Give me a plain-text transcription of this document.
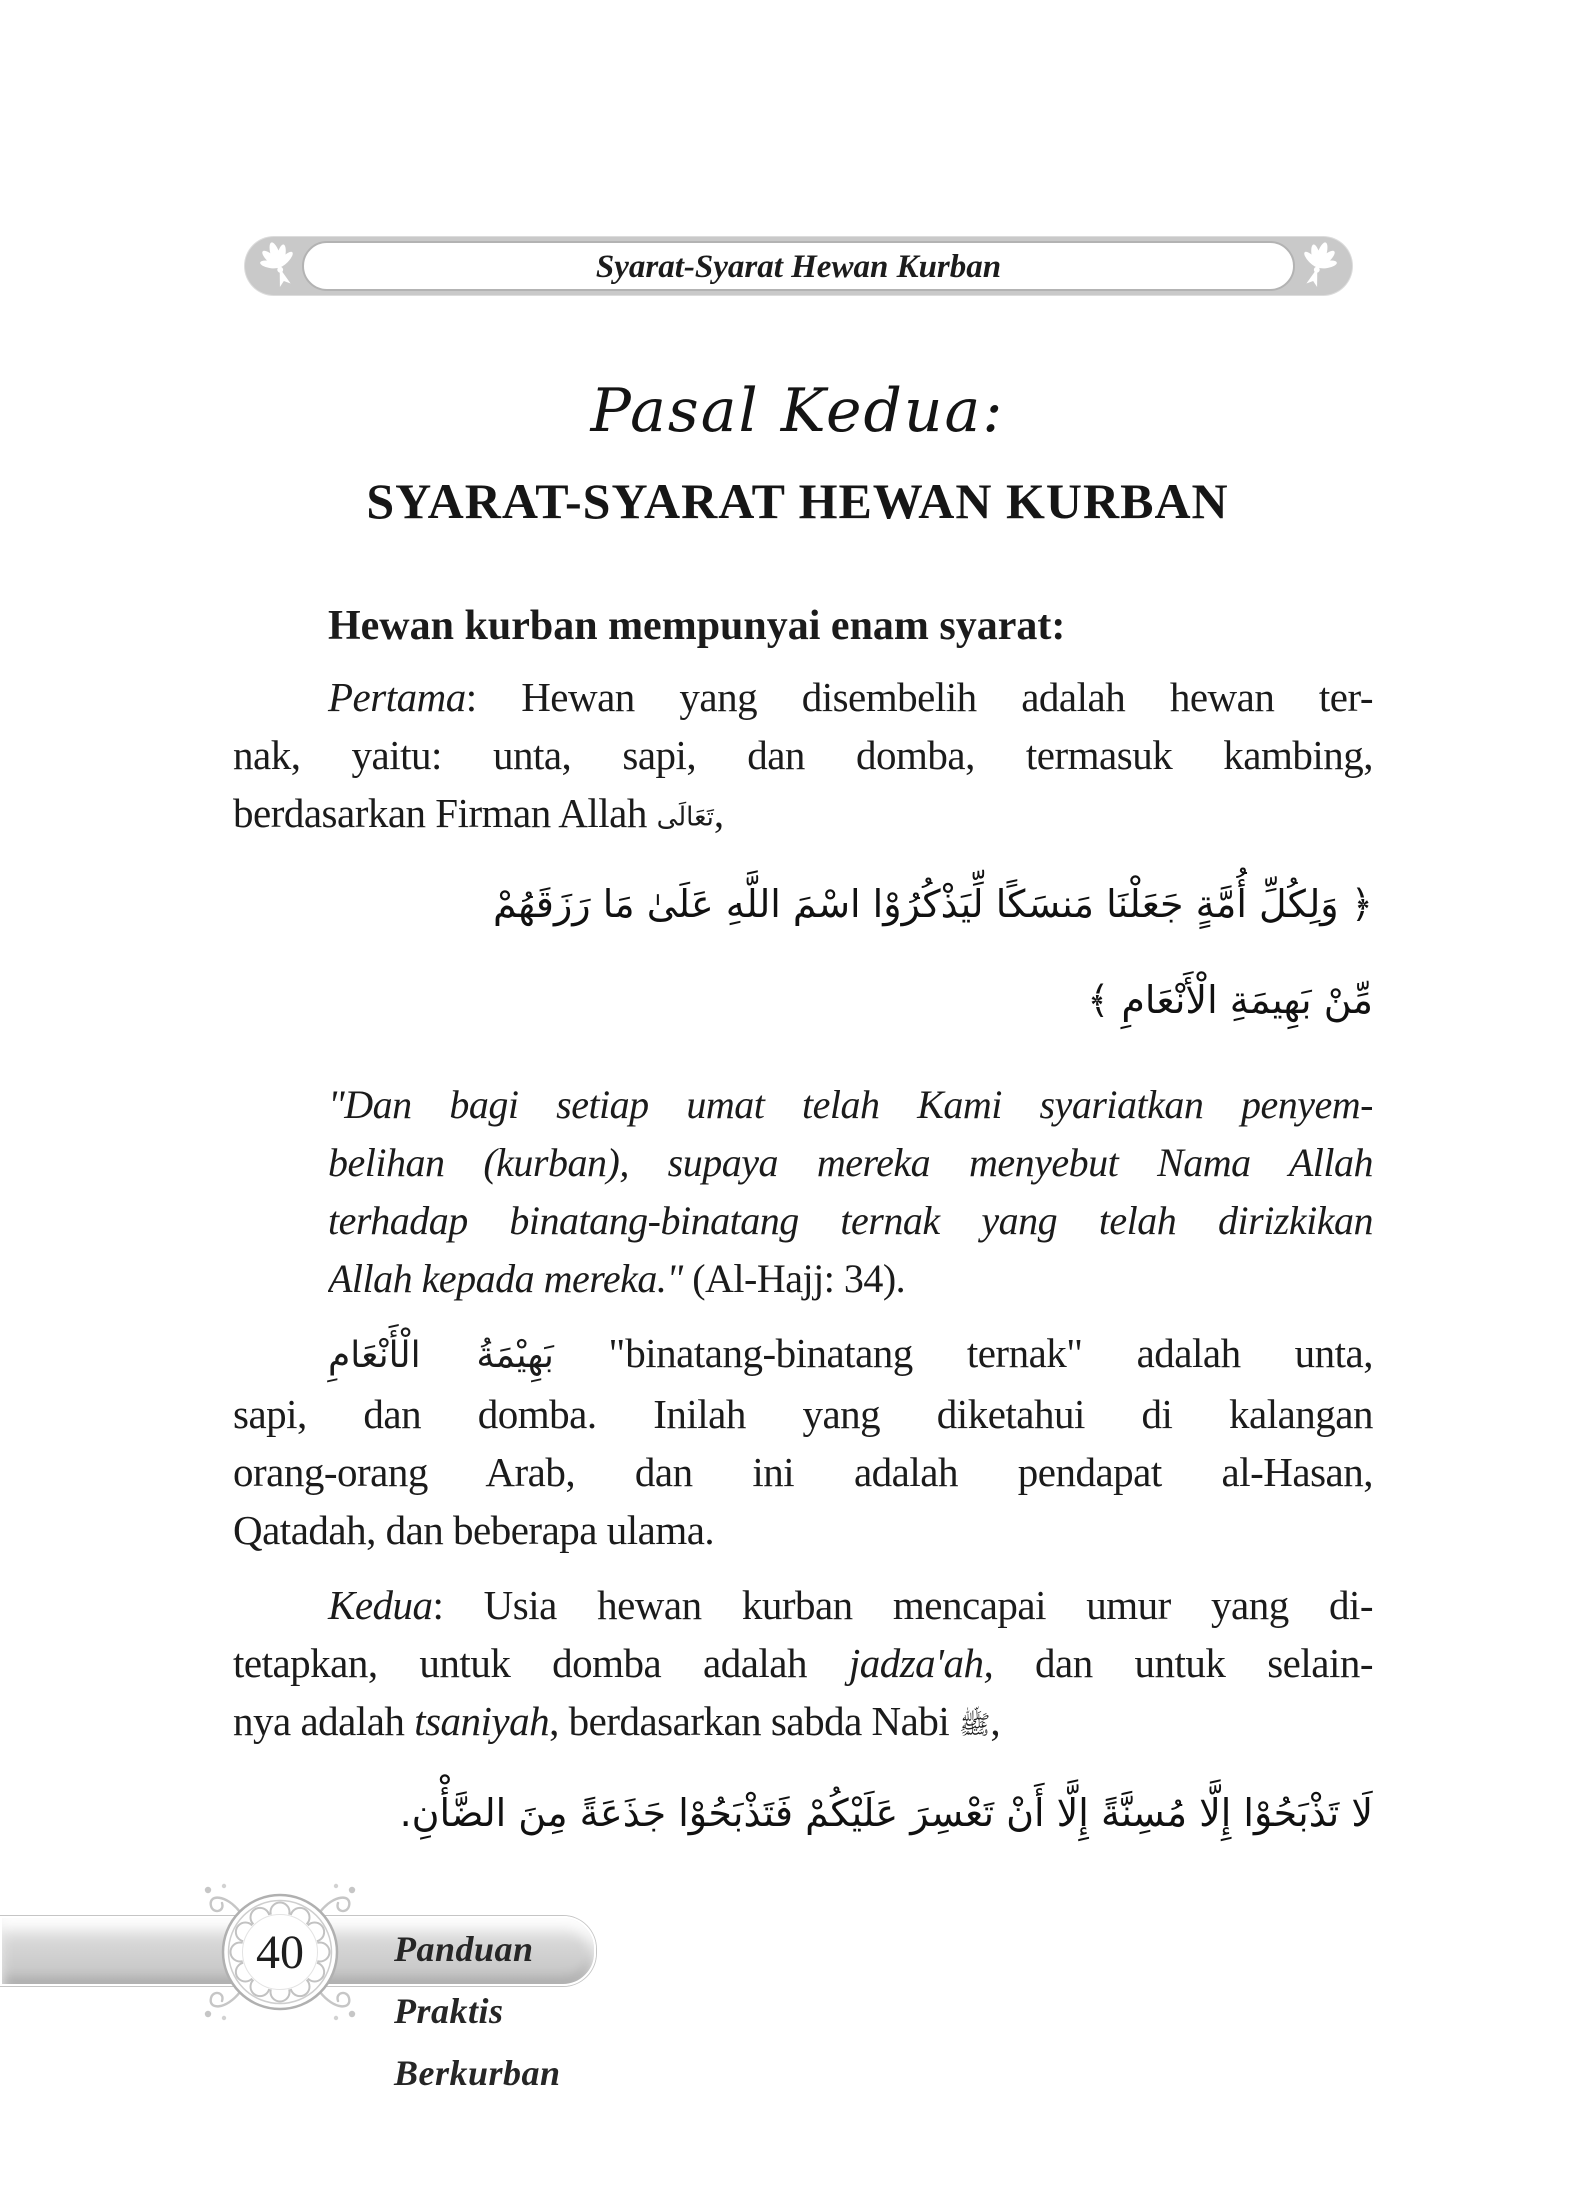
Syarat-Syarat Hewan Kurban
Pasal Kedua:
SYARAT-SYARAT HEWAN KURBAN
Hewan kurban mempunyai enam syarat:
Pertama: Hewan yang disembelih adalah hewan ter-
nak, yaitu: unta, sapi, dan domba, termasuk kambing,
berdasarkan Firman Allah تَعَالَى,
﴿ وَلِكُلِّ أُمَّةٍ جَعَلْنَا مَنسَكًا لِّيَذْكُرُوْا اسْمَ اللَّهِ عَلَىٰ مَا رَزَقَهُمْ
مِّنْ بَهِيمَةِ الْأَنْعَامِ ﴾
"Dan bagi setiap umat telah Kami syariatkan penyem-
belihan (kurban), supaya mereka menyebut Nama Allah
terhadap binatang-binatang ternak yang telah dirizkikan
Allah kepada mereka." (Al-Hajj: 34).
بَهِيْمَةُ الْأَنْعَامِ "binatang-binatang ternak" adalah unta,
sapi, dan domba. Inilah yang diketahui di kalangan
orang-orang Arab, dan ini adalah pendapat al-Hasan,
Qatadah, dan beberapa ulama.
Kedua: Usia hewan kurban mencapai umur yang di-
tetapkan, untuk domba adalah jadza'ah, dan untuk selain-
nya adalah tsaniyah, berdasarkan sabda Nabi ﷺ,
لَا تَذْبَحُوْا إِلَّا مُسِنَّةً إِلَّا أَنْ تَعْسِرَ عَلَيْكُمْ فَتَذْبَحُوْا جَذَعَةً مِنَ الضَّأْنِ.
Panduan Praktis Berkurban
40
